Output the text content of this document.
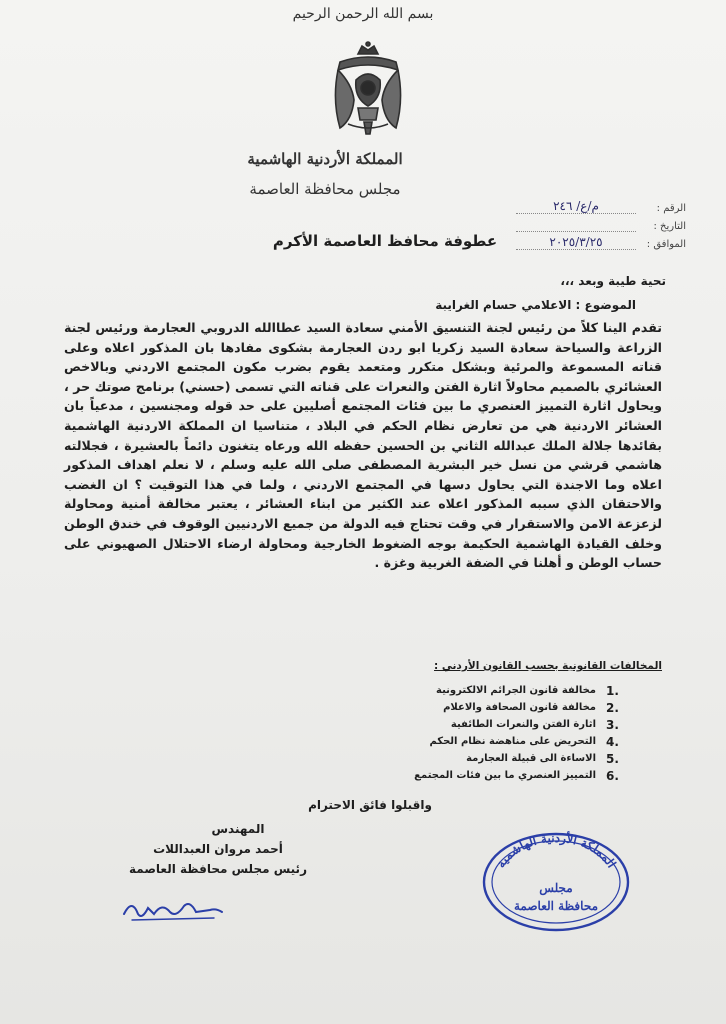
بسم الله الرحمن الرحيم
المملكة الأردنية الهاشمية
مجلس محافظة العاصمة
الرقم :
م/ع/ ٢٤٦
التاريخ :
الموافق :
٢٠٢٥/٣/٢٥
عطوفة محافظ العاصمة الأكرم
تحية طيبة وبعد ،،،
الموضوع : الاعلامي حسام الغرايبة

تقدم الينا كلاً من رئيس لجنة التنسيق الأمني سعادة السيد عطاالله الدروبي العجارمة ورئيس لجنة الزراعة والسياحة سعادة السيد زكريا ابو ردن العجارمة بشكوى مفادها بان المذكور اعلاه وعلى قناته المسموعة والمرئية وبشكل متكرر ومتعمد يقوم بضرب مكون المجتمع الاردني وبالاخص العشائري بالصميم محاولاً اثارة الفتن والنعرات على قناته التي تسمى (حسني) برنامج صوتك حر ، ويحاول اثارة التمييز العنصري ما بين فئات المجتمع أصليين على حد قوله ومجنسين ، مدعياً بان العشائر الاردنية هي من تعارض نظام الحكم في البلاد ، متناسيا ان المملكة الاردنية الهاشمية بقائدها جلالة الملك عبدالله الثاني بن الحسين حفظه الله ورعاه يتغنون دائماً بالعشيرة ، فجلالته هاشمي قرشي من نسل خير البشرية المصطفى صلى الله عليه وسلم ، لا نعلم اهداف المذكور اعلاه وما الاجندة التي يحاول دسها في المجتمع الاردني ، ولما في هذا التوقيت ؟ ان الغضب والاحتقان الذي سببه المذكور اعلاه عند الكثير من ابناء العشائر ، يعتبر مخالفة أمنية ومحاولة لزعزعة الامن والاستقرار في وقت تحتاج فيه الدولة من جميع الاردنيين الوقوف في خندق الوطن وخلف القيادة الهاشمية الحكيمة بوجه الضغوط الخارجية ومحاولة ارضاء الاحتلال الصهيوني على حساب الوطن و أهلنا في الضفة الغربية وغزة .

المخالفات القانونية بحسب القانون الأردني :
.1
مخالفة قانون الجرائم الالكترونية
.2
مخالفة قانون الصحافة والاعلام
.3
اثارة الفتن والنعرات الطائفية
.4
التحريض على مناهضة نظام الحكم
.5
الاساءة الى قبيلة العجارمة
.6
التمييز العنصري ما بين فئات المجتمع
واقبلوا فائق الاحترام
المهندس
أحمد مروان العبداللات
رئيس مجلس محافظة العاصمة	المملكة الأردنية الهاشمية
مجلس
محافظة العاصمة
